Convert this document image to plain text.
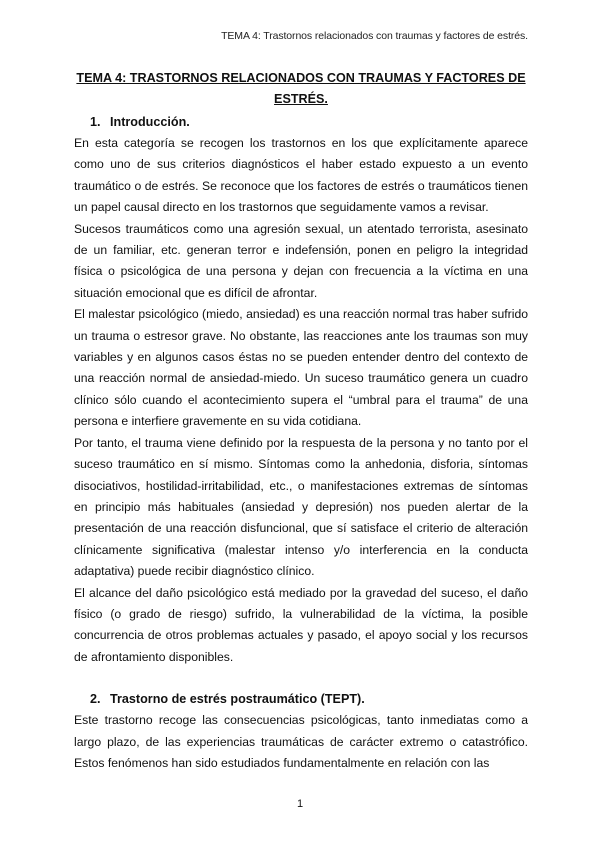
TEMA 4: Trastornos relacionados con traumas y factores de estrés.
TEMA 4: TRASTORNOS RELACIONADOS CON TRAUMAS Y FACTORES DE ESTRÉS.
1. Introducción.

En esta categoría se recogen los trastornos en los que explícitamente aparece como uno de sus criterios diagnósticos el haber estado expuesto a un evento traumático o de estrés. Se reconoce que los factores de estrés o traumáticos tienen un papel causal directo en los trastornos que seguidamente vamos a revisar.

Sucesos traumáticos como una agresión sexual, un atentado terrorista, asesinato de un familiar, etc. generan terror e indefensión, ponen en peligro la integridad física o psicológica de una persona y dejan con frecuencia a la víctima en una situación emocional que es difícil de afrontar.

El malestar psicológico (miedo, ansiedad) es una reacción normal tras haber sufrido un trauma o estresor grave. No obstante, las reacciones ante los traumas son muy variables y en algunos casos éstas no se pueden entender dentro del contexto de una reacción normal de ansiedad-miedo. Un suceso traumático genera un cuadro clínico sólo cuando el acontecimiento supera el “umbral para el trauma” de una persona e interfiere gravemente en su vida cotidiana.

Por tanto, el trauma viene definido por la respuesta de la persona y no tanto por el suceso traumático en sí mismo. Síntomas como la anhedonia, disforia, síntomas disociativos, hostilidad-irritabilidad, etc., o manifestaciones extremas de síntomas en principio más habituales (ansiedad y depresión) nos pueden alertar de la presentación de una reacción disfuncional, que sí satisface el criterio de alteración clínicamente significativa (malestar intenso y/o interferencia en la conducta adaptativa) puede recibir diagnóstico clínico.

El alcance del daño psicológico está mediado por la gravedad del suceso, el daño físico (o grado de riesgo) sufrido, la vulnerabilidad de la víctima, la posible concurrencia de otros problemas actuales y pasado, el apoyo social y los recursos de afrontamiento disponibles.

2. Trastorno de estrés postraumático (TEPT).

Este trastorno recoge las consecuencias psicológicas, tanto inmediatas como a largo plazo, de las experiencias traumáticas de carácter extremo o catastrófico. Estos fenómenos han sido estudiados fundamentalmente en relación con las

1
